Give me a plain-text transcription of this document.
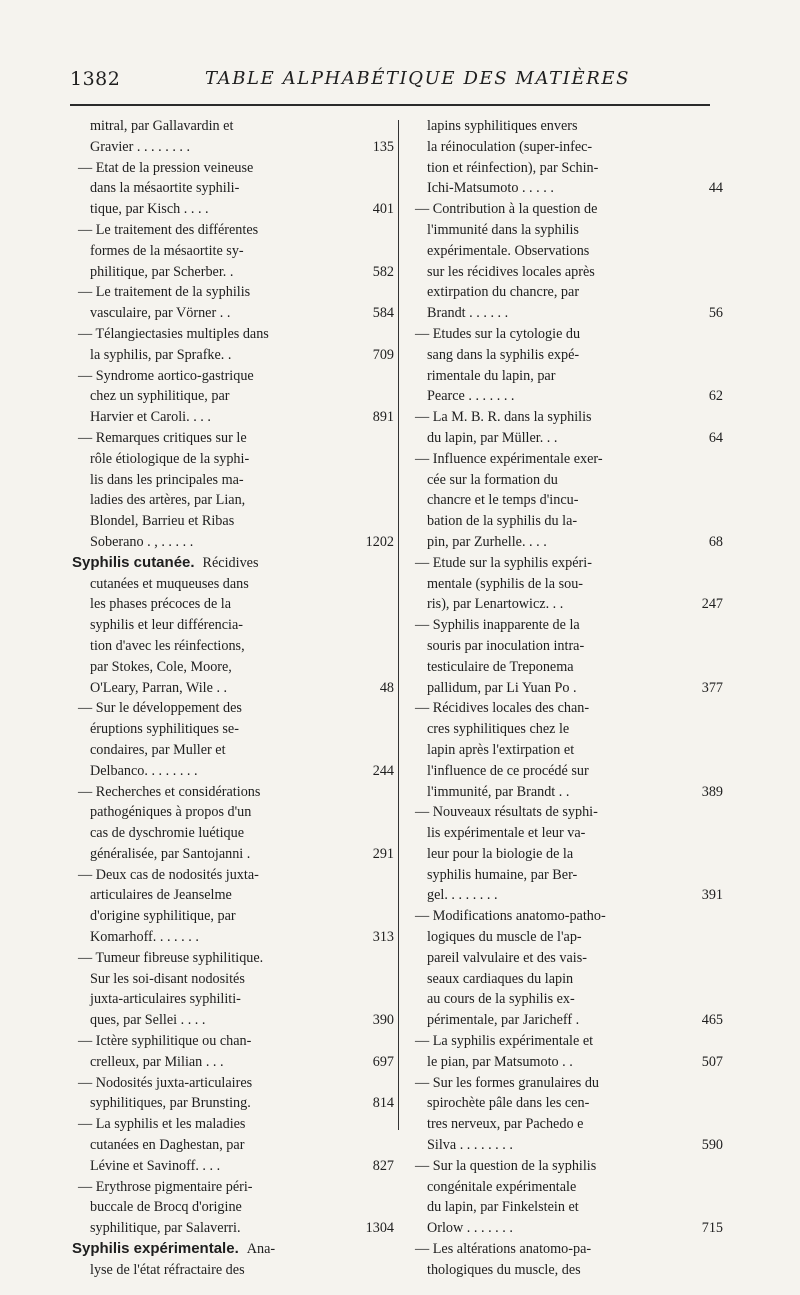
1382	TABLE ALPHABÉTIQUE DES MATIÈRES
mitral, par Gallavardin et
Gravier . . . . . . . .	135
— Etat de la pression veineuse
dans la mésaortite syphili-
tique, par Kisch . . . .	401
— Le traitement des différentes
formes de la mésaortite sy-
philitique, par Scherber. .	582
— Le traitement de la syphilis
vasculaire, par Vörner . .	584
— Télangiectasies multiples dans
la syphilis, par Sprafke. .	709
— Syndrome aortico-gastrique
chez un syphilitique, par
Harvier et Caroli. . . .	891
— Remarques critiques sur le
rôle étiologique de la syphi-
lis dans les principales ma-
ladies des artères, par Lian,
Blondel, Barrieu et Ribas
Soberano . , . . . . .	1202
Syphilis cutanée. Récidives
cutanées et muqueuses dans
les phases précoces de la
syphilis et leur différencia-
tion d'avec les réinfections,
par Stokes, Cole, Moore,
O'Leary, Parran, Wile . .	48
— Sur le développement des
éruptions syphilitiques se-
condaires, par Muller et
Delbanco. . . . . . . .	244
— Recherches et considérations
pathogéniques à propos d'un
cas de dyschromie luétique
généralisée, par Santojanni .	291
— Deux cas de nodosités juxta-
articulaires de Jeanselme
d'origine syphilitique, par
Komarhoff. . . . . . .	313
— Tumeur fibreuse syphilitique.
Sur les soi-disant nodosités
juxta-articulaires syphiliti-
ques, par Sellei . . . .	390
— Ictère syphilitique ou chan-
crelleux, par Milian . . .	697
— Nodosités juxta-articulaires
syphilitiques, par Brunsting.	814
— La syphilis et les maladies
cutanées en Daghestan, par
Lévine et Savinoff. . . .	827
— Erythrose pigmentaire péri-
buccale de Brocq d'origine
syphilitique, par Salaverri.	1304
Syphilis expérimentale. Ana-
lyse de l'état réfractaire des
lapins syphilitiques envers
la réinoculation (super-infec-
tion et réinfection), par Schin-
Ichi-Matsumoto . . . . .	44
— Contribution à la question de
l'immunité dans la syphilis
expérimentale. Observations
sur les récidives locales après
extirpation du chancre, par
Brandt . . . . . .	56
— Etudes sur la cytologie du
sang dans la syphilis expé-
rimentale du lapin, par
Pearce . . . . . . .	62
— La M. B. R. dans la syphilis
du lapin, par Müller. . .	64
— Influence expérimentale exer-
cée sur la formation du
chancre et le temps d'incu-
bation de la syphilis du la-
pin, par Zurhelle. . . .	68
— Etude sur la syphilis expéri-
mentale (syphilis de la sou-
ris), par Lenartowicz. . .	247
— Syphilis inapparente de la
souris par inoculation intra-
testiculaire de Treponema
pallidum, par Li Yuan Po .	377
— Récidives locales des chan-
cres syphilitiques chez le
lapin après l'extirpation et
l'influence de ce procédé sur
l'immunité, par Brandt . .	389
— Nouveaux résultats de syphi-
lis expérimentale et leur va-
leur pour la biologie de la
syphilis humaine, par Ber-
gel. . . . . . . .	391
— Modifications anatomo-patho-
logiques du muscle de l'ap-
pareil valvulaire et des vais-
seaux cardiaques du lapin
au cours de la syphilis ex-
périmentale, par Jaricheff .	465
— La syphilis expérimentale et
le pian, par Matsumoto . .	507
— Sur les formes granulaires du
spirochète pâle dans les cen-
tres nerveux, par Pachedo e
Silva . . . . . . . .	590
— Sur la question de la syphilis
congénitale expérimentale
du lapin, par Finkelstein et
Orlow . . . . . . .	715
— Les altérations anatomo-pa-
thologiques du muscle, des
